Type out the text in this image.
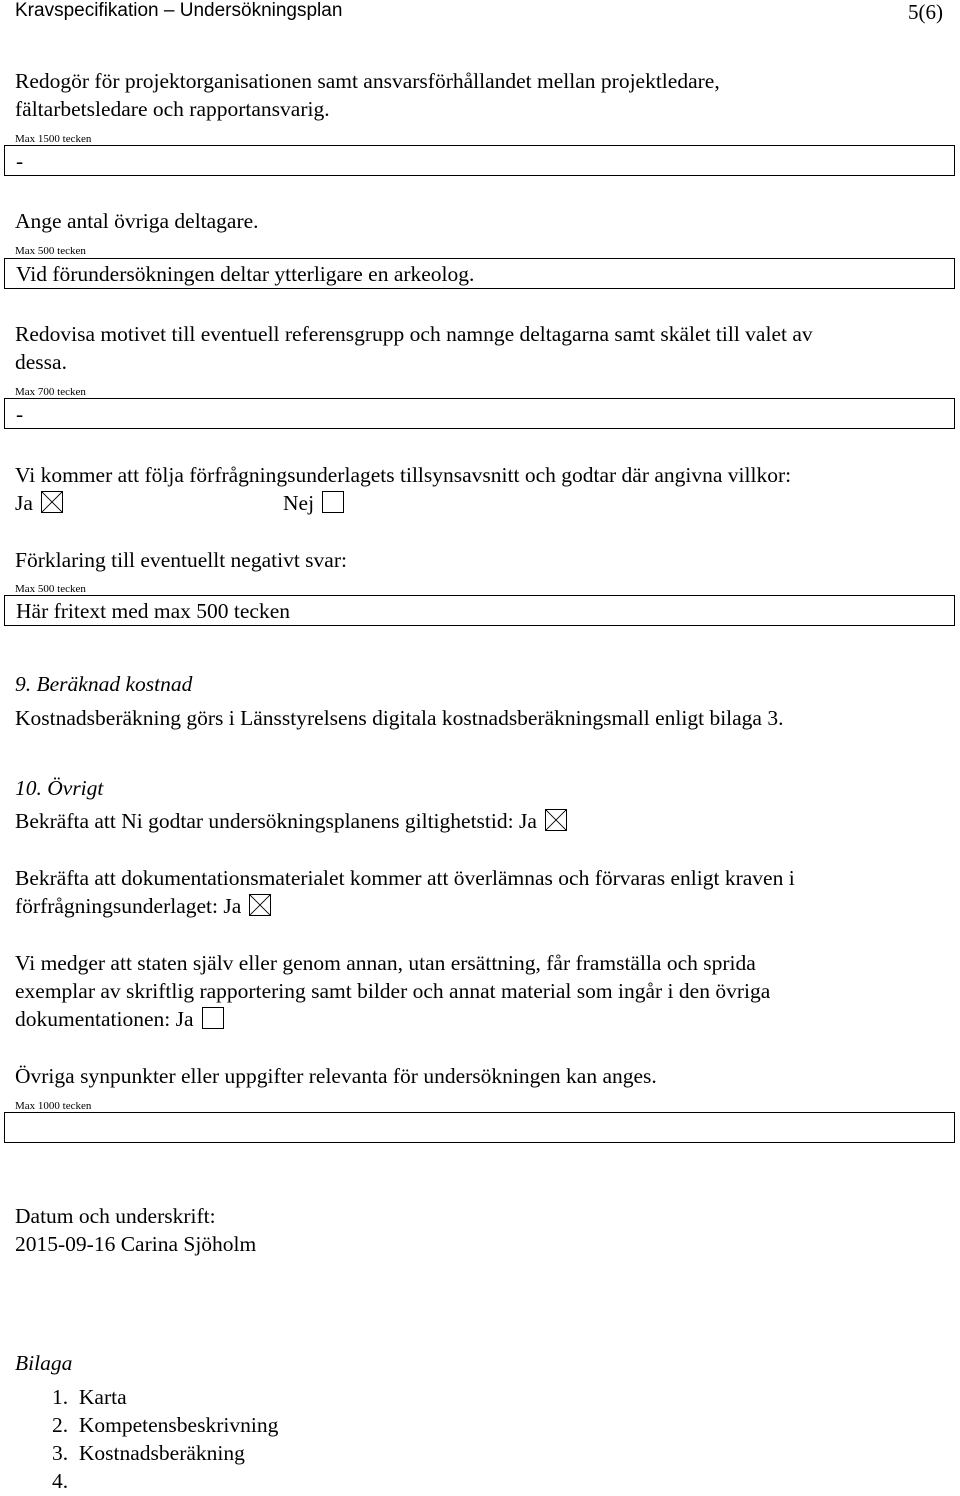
Kravspecifikation – Undersökningsplan	5(6)
Redogör för projektorganisationen samt ansvarsförhållandet mellan projektledare,
fältarbetsledare och rapportansvarig.
Max 1500 tecken
-
Ange antal övriga deltagare.
Max 500 tecken
Vid förundersökningen deltar ytterligare en arkeolog.
Redovisa motivet till eventuell referensgrupp och namnge deltagarna samt skälet till valet av
dessa.
Max 700 tecken
-
Vi kommer att följa förfrågningsunderlagets tillsynsavsnitt och godtar där angivna villkor:
Ja	Nej
Förklaring till eventuellt negativt svar:
Max 500 tecken
Här fritext med max 500 tecken
9. Beräknad kostnad
Kostnadsberäkning görs i Länsstyrelsens digitala kostnadsberäkningsmall enligt bilaga 3.
10. Övrigt
Bekräfta att Ni godtar undersökningsplanens giltighetstid: Ja
Bekräfta att dokumentationsmaterialet kommer att överlämnas och förvaras enligt kraven i
förfrågningsunderlaget: Ja
Vi medger att staten själv eller genom annan, utan ersättning, får framställa och sprida
exemplar av skriftlig rapportering samt bilder och annat material som ingår i den övriga
dokumentationen: Ja
Övriga synpunkter eller uppgifter relevanta för undersökningen kan anges.
Max 1000 tecken
Datum och underskrift:
2015-09-16 Carina Sjöholm
Bilaga
1. Karta
2. Kompetensbeskrivning
3. Kostnadsberäkning
4.
